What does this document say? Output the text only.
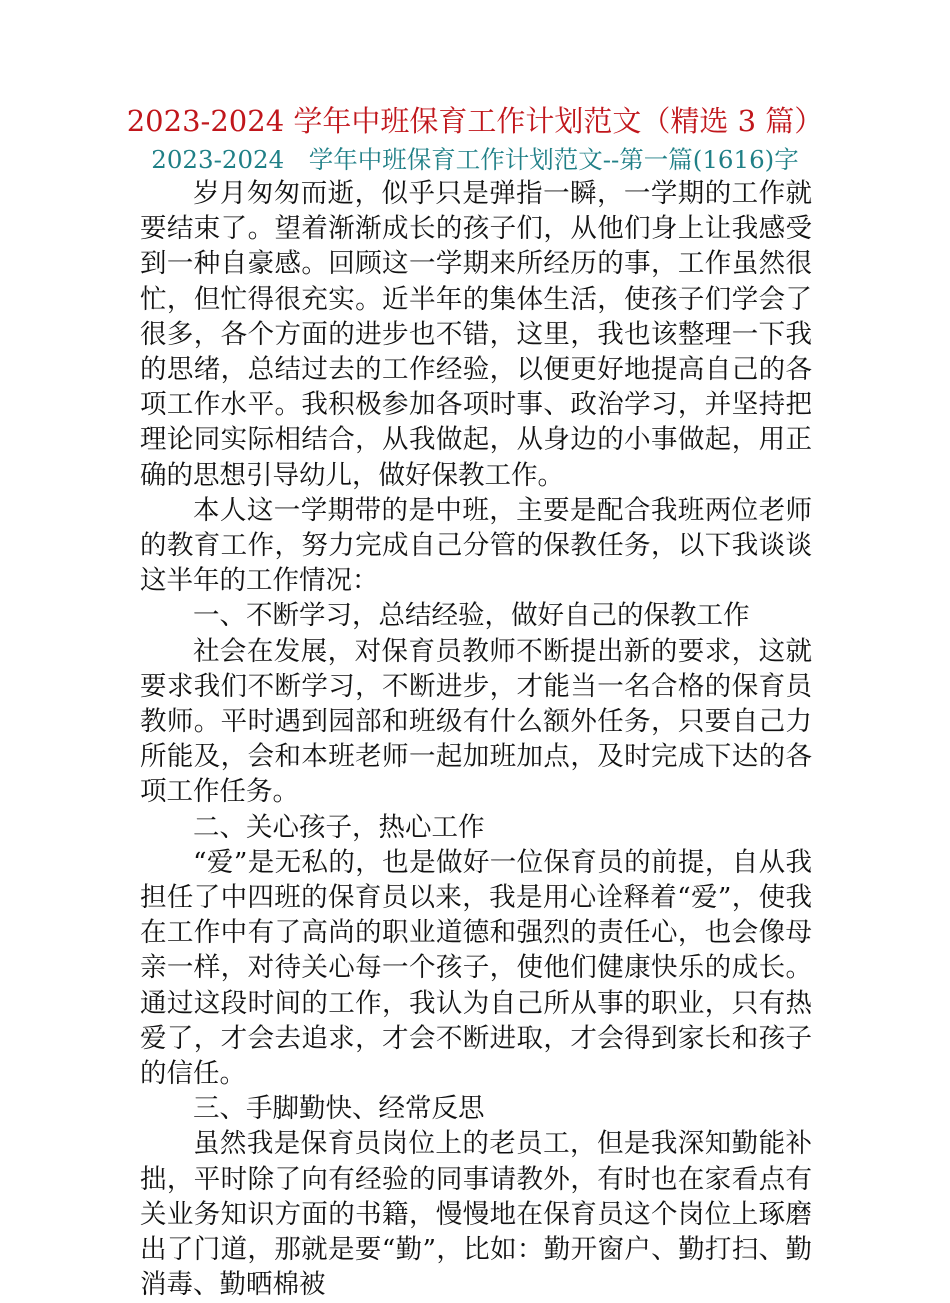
2023-2024 学年中班保育工作计划范文（精选 3 篇）
2023-2024　学年中班保育工作计划范文--第一篇(1616)字

岁月匆匆而逝，似乎只是弹指一瞬，一学期的工作就要结束了。望着渐渐成长的孩子们，从他们身上让我感受到一种自豪感。回顾这一学期来所经历的事，工作虽然很忙，但忙得很充实。近半年的集体生活，使孩子们学会了很多，各个方面的进步也不错，这里，我也该整理一下我的思绪，总结过去的工作经验，以便更好地提高自己的各项工作水平。我积极参加各项时事、政治学习，并坚持把理论同实际相结合，从我做起，从身边的小事做起，用正确的思想引导幼儿，做好保教工作。

本人这一学期带的是中班，主要是配合我班两位老师的教育工作，努力完成自己分管的保教任务，以下我谈谈这半年的工作情况：

一、不断学习，总结经验，做好自己的保教工作

社会在发展，对保育员教师不断提出新的要求，这就要求我们不断学习，不断进步，才能当一名合格的保育员教师。平时遇到园部和班级有什么额外任务，只要自己力所能及，会和本班老师一起加班加点，及时完成下达的各项工作任务。

二、关心孩子，热心工作

“爱”是无私的，也是做好一位保育员的前提，自从我担任了中四班的保育员以来，我是用心诠释着“爱”，使我在工作中有了高尚的职业道德和强烈的责任心，也会像母亲一样，对待关心每一个孩子，使他们健康快乐的成长。通过这段时间的工作，我认为自己所从事的职业，只有热爱了，才会去追求，才会不断进取，才会得到家长和孩子的信任。

三、手脚勤快、经常反思

虽然我是保育员岗位上的老员工，但是我深知勤能补拙，平时除了向有经验的同事请教外，有时也在家看点有关业务知识方面的书籍，慢慢地在保育员这个岗位上琢磨出了门道，那就是要“勤”，比如：勤开窗户、勤打扫、勤消毒、勤晒棉被
